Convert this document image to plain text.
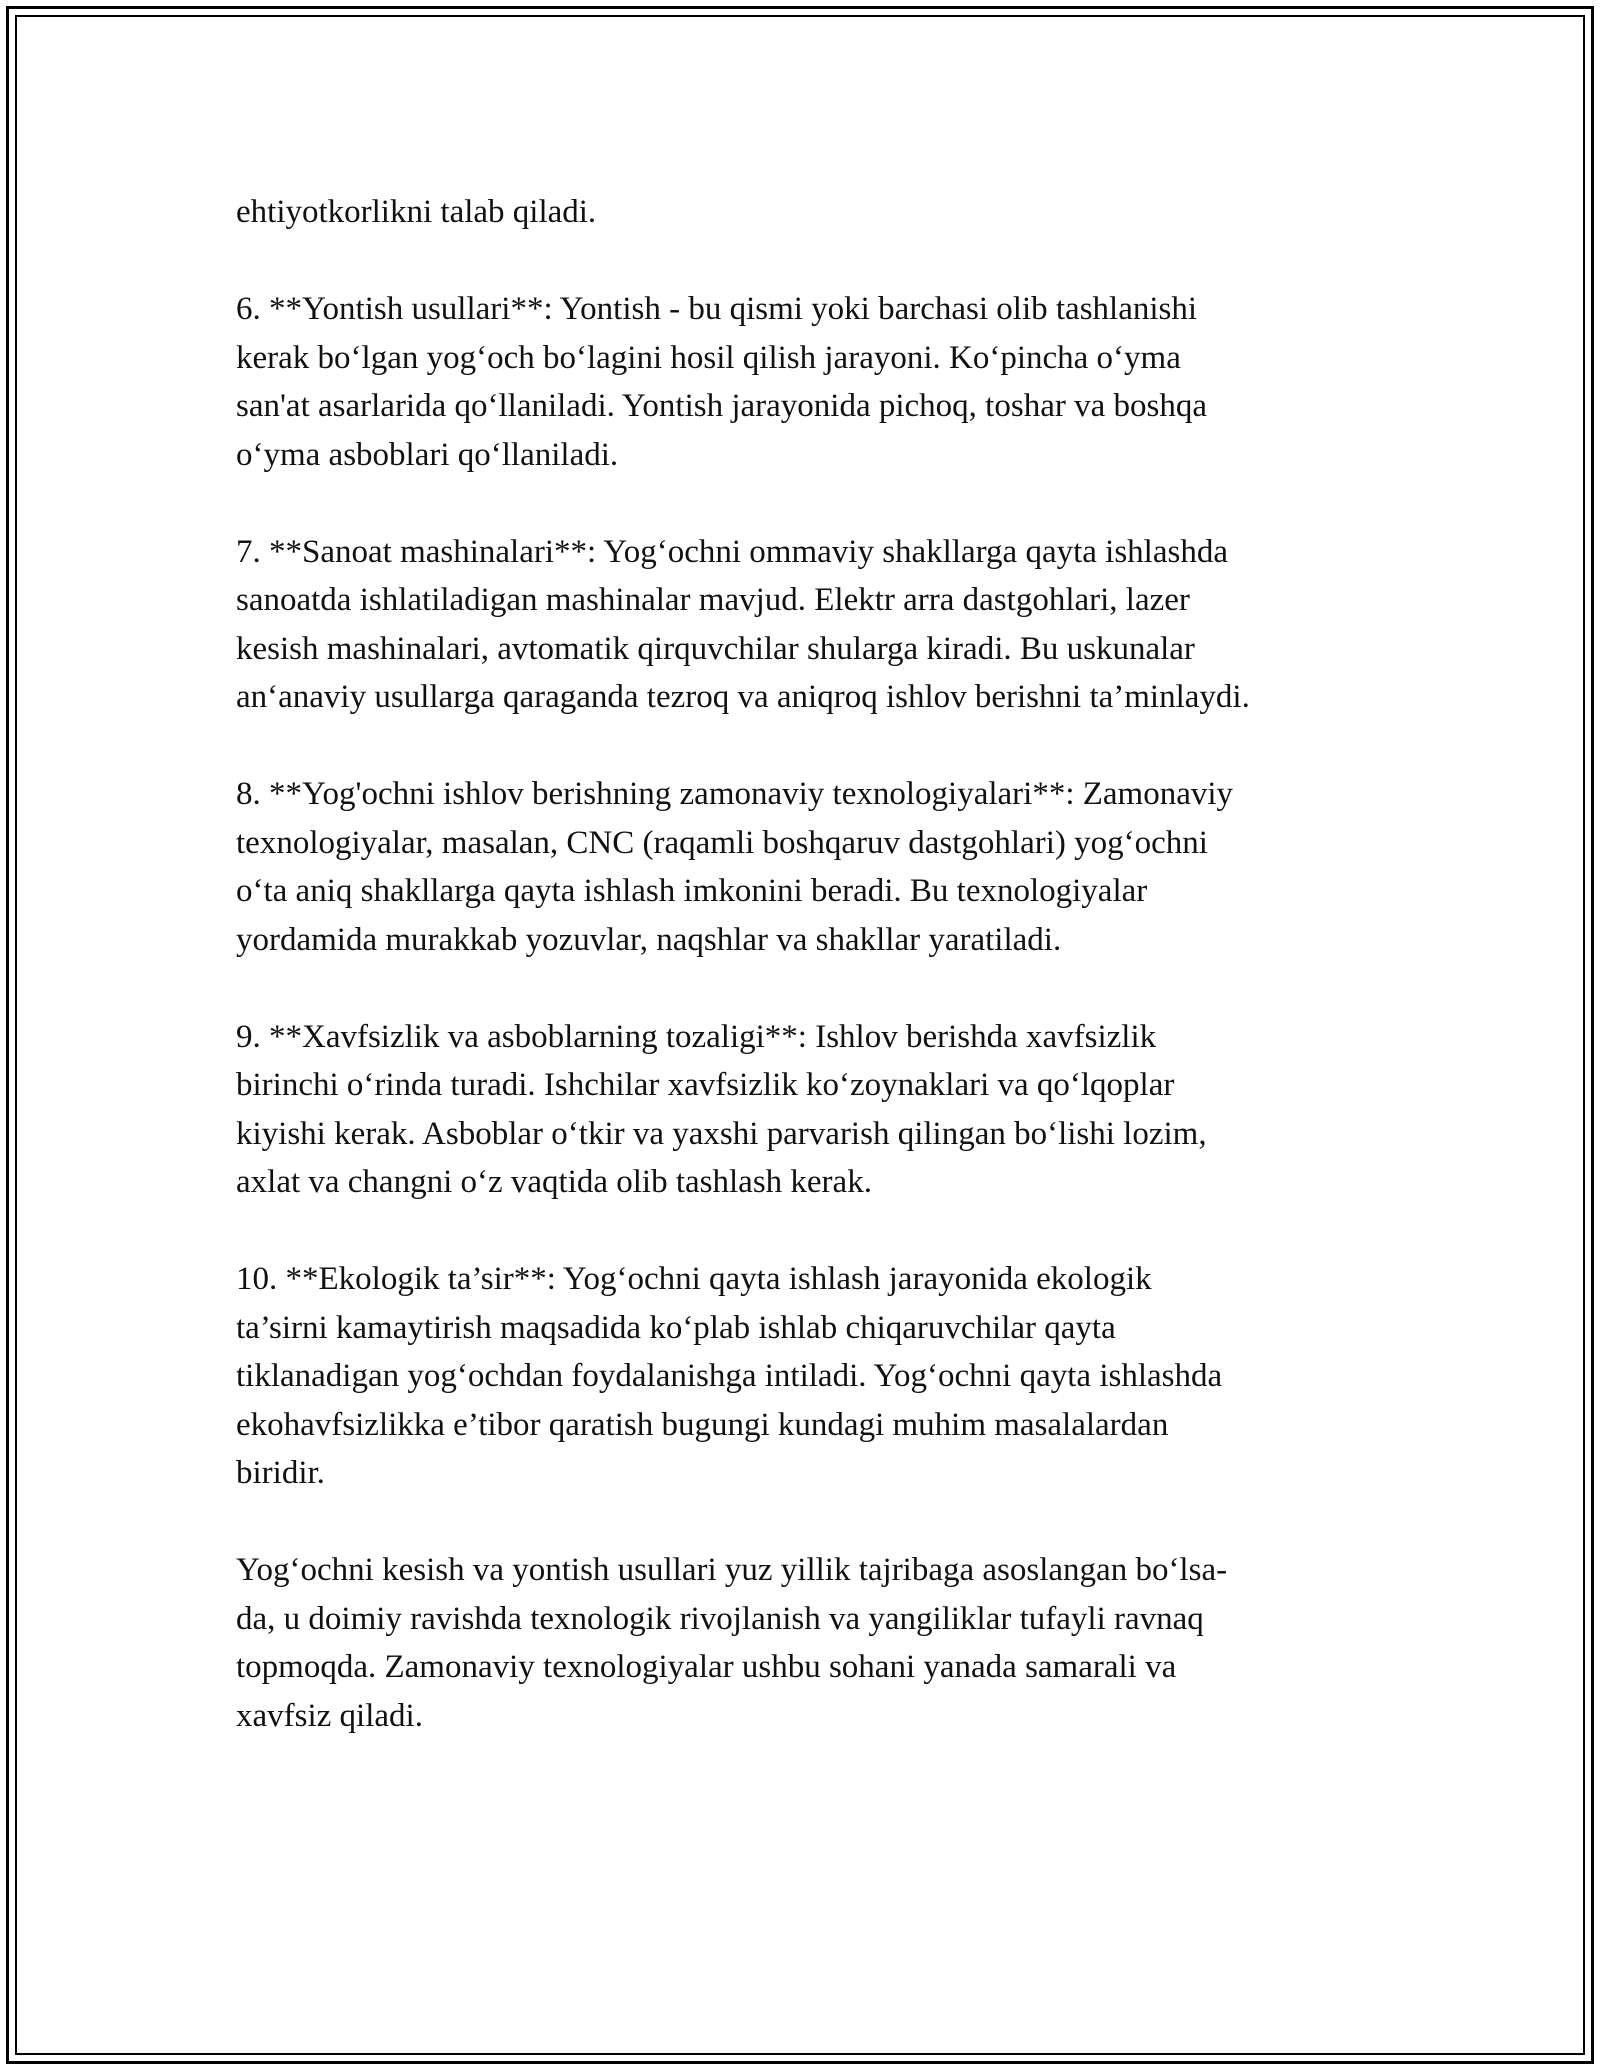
ehtiyotkorlikni talab qiladi.

6. **Yontish usullari**: Yontish - bu qismi yoki barchasi olib tashlanishi
kerak bo‘lgan yog‘och bo‘lagini hosil qilish jarayoni. Ko‘pincha o‘yma
san'at asarlarida qo‘llaniladi. Yontish jarayonida pichoq, toshar va boshqa
o‘yma asboblari qo‘llaniladi.

7. **Sanoat mashinalari**: Yog‘ochni ommaviy shakllarga qayta ishlashda
sanoatda ishlatiladigan mashinalar mavjud. Elektr arra dastgohlari, lazer
kesish mashinalari, avtomatik qirquvchilar shularga kiradi. Bu uskunalar
an‘anaviy usullarga qaraganda tezroq va aniqroq ishlov berishni ta’minlaydi.

8. **Yog'ochni ishlov berishning zamonaviy texnologiyalari**: Zamonaviy
texnologiyalar, masalan, CNC (raqamli boshqaruv dastgohlari) yog‘ochni
o‘ta aniq shakllarga qayta ishlash imkonini beradi. Bu texnologiyalar
yordamida murakkab yozuvlar, naqshlar va shakllar yaratiladi.

9. **Xavfsizlik va asboblarning tozaligi**: Ishlov berishda xavfsizlik
birinchi o‘rinda turadi. Ishchilar xavfsizlik ko‘zoynaklari va qo‘lqoplar
kiyishi kerak. Asboblar o‘tkir va yaxshi parvarish qilingan bo‘lishi lozim,
axlat va changni o‘z vaqtida olib tashlash kerak.

10. **Ekologik ta’sir**: Yog‘ochni qayta ishlash jarayonida ekologik
ta’sirni kamaytirish maqsadida ko‘plab ishlab chiqaruvchilar qayta
tiklanadigan yog‘ochdan foydalanishga intiladi. Yog‘ochni qayta ishlashda
ekohavfsizlikka e’tibor qaratish bugungi kundagi muhim masalalardan
biridir.

Yog‘ochni kesish va yontish usullari yuz yillik tajribaga asoslangan bo‘lsa-
da, u doimiy ravishda texnologik rivojlanish va yangiliklar tufayli ravnaq
topmoqda. Zamonaviy texnologiyalar ushbu sohani yanada samarali va
xavfsiz qiladi.
